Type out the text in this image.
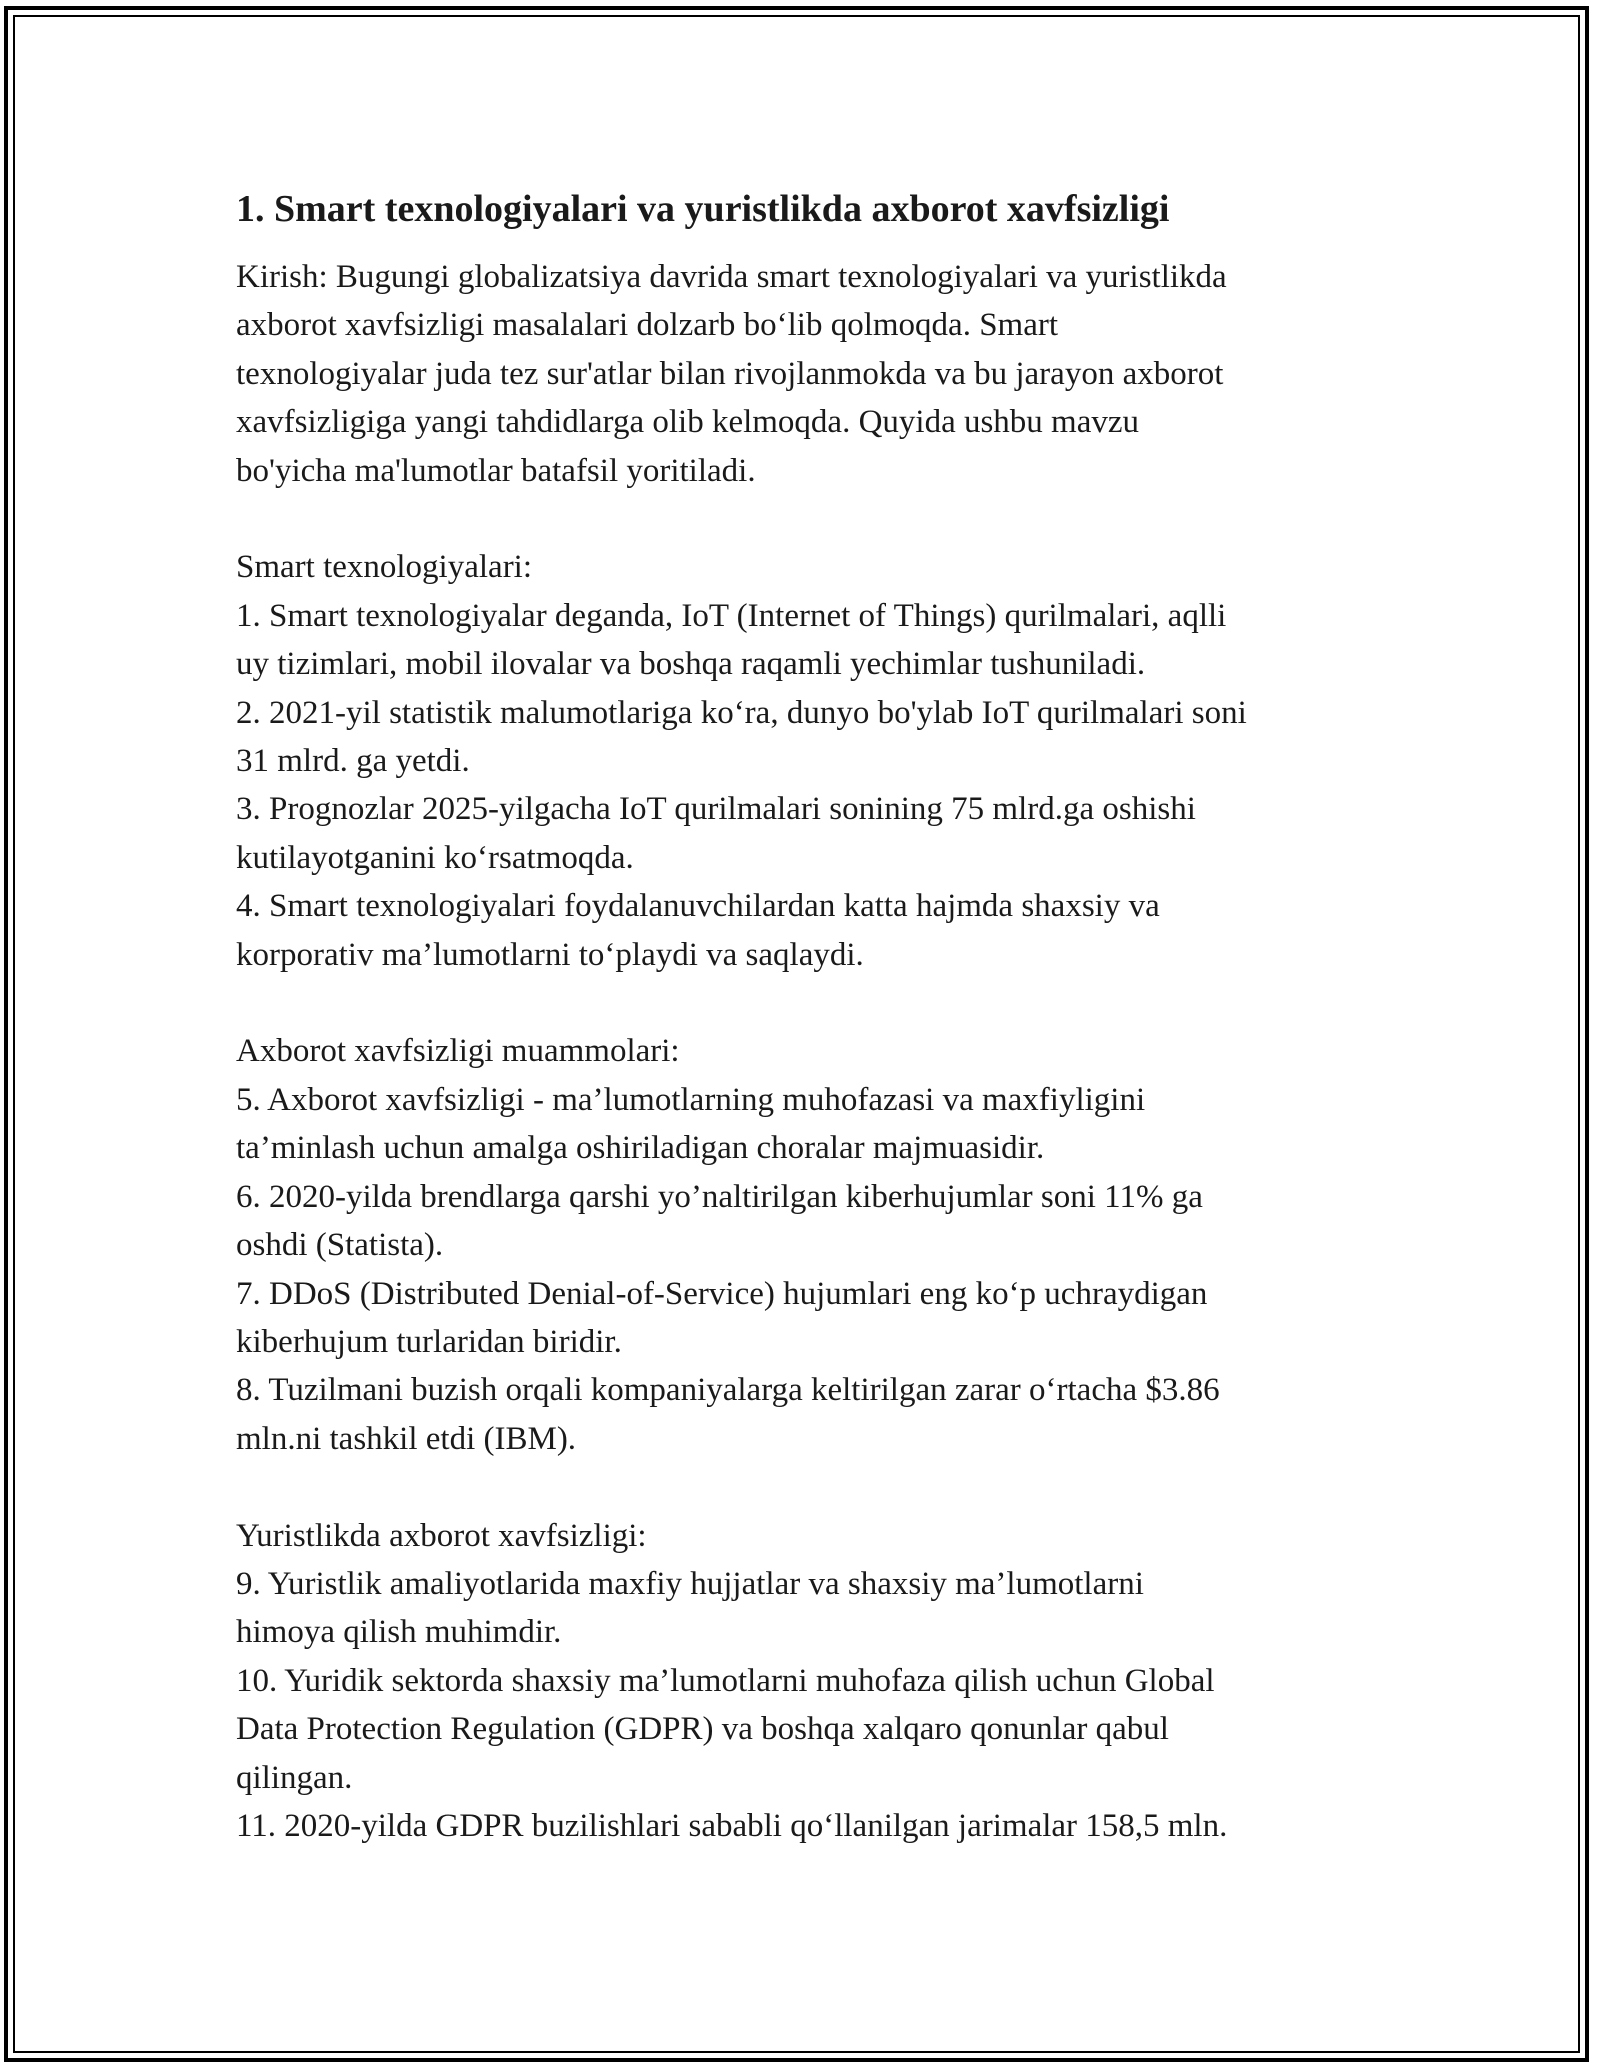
1. Smart texnologiyalari va yuristlikda axborot xavfsizligi

Kirish: Bugungi globalizatsiya davrida smart texnologiyalari va yuristlikda

axborot xavfsizligi masalalari dolzarb bo‘lib qolmoqda. Smart

texnologiyalar juda tez sur'atlar bilan rivojlanmokda va bu jarayon axborot

xavfsizligiga yangi tahdidlarga olib kelmoqda. Quyida ushbu mavzu

bo'yicha ma'lumotlar batafsil yoritiladi.

Smart texnologiyalari:

1. Smart texnologiyalar deganda, IoT (Internet of Things) qurilmalari, aqlli

uy tizimlari, mobil ilovalar va boshqa raqamli yechimlar tushuniladi.

2. 2021-yil statistik malumotlariga ko‘ra, dunyo bo'ylab IoT qurilmalari soni

31 mlrd. ga yetdi.

3. Prognozlar 2025-yilgacha IoT qurilmalari sonining 75 mlrd.ga oshishi

kutilayotganini ko‘rsatmoqda.

4. Smart texnologiyalari foydalanuvchilardan katta hajmda shaxsiy va

korporativ ma’lumotlarni to‘playdi va saqlaydi.

Axborot xavfsizligi muammolari:

5. Axborot xavfsizligi - ma’lumotlarning muhofazasi va maxfiyligini

ta’minlash uchun amalga oshiriladigan choralar majmuasidir.

6. 2020-yilda brendlarga qarshi yo’naltirilgan kiberhujumlar soni 11% ga

oshdi (Statista).

7. DDoS (Distributed Denial-of-Service) hujumlari eng ko‘p uchraydigan

kiberhujum turlaridan biridir.

8. Tuzilmani buzish orqali kompaniyalarga keltirilgan zarar o‘rtacha $3.86

mln.ni tashkil etdi (IBM).

Yuristlikda axborot xavfsizligi:

9. Yuristlik amaliyotlarida maxfiy hujjatlar va shaxsiy ma’lumotlarni

himoya qilish muhimdir.

10. Yuridik sektorda shaxsiy ma’lumotlarni muhofaza qilish uchun Global

Data Protection Regulation (GDPR) va boshqa xalqaro qonunlar qabul

qilingan.

11. 2020-yilda GDPR buzilishlari sababli qo‘llanilgan jarimalar 158,5 mln.
